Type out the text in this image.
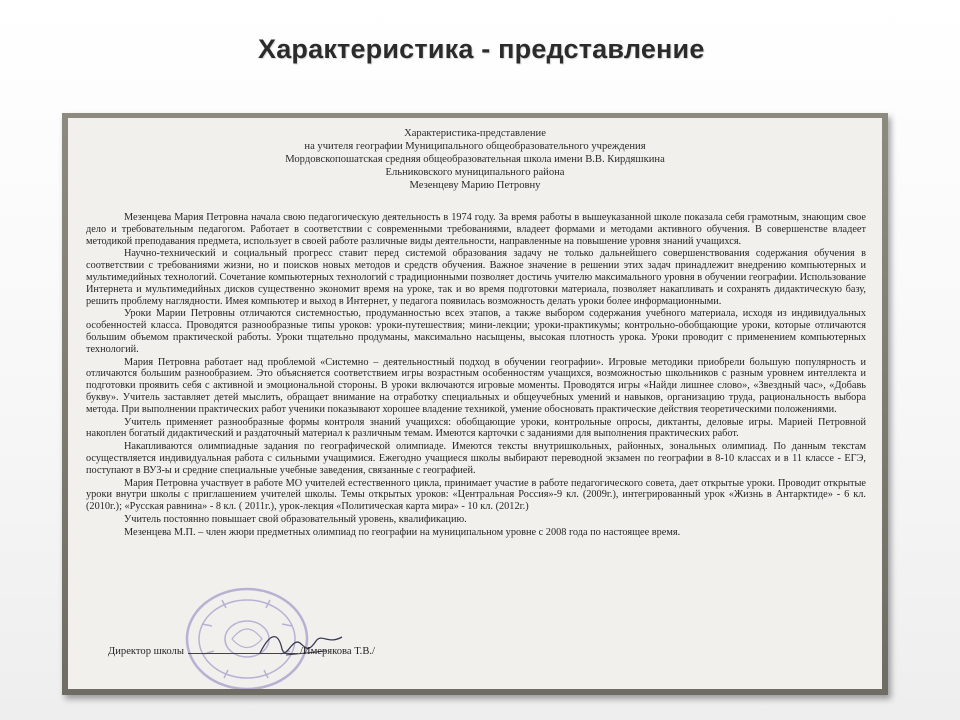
Характеристика - представление
Характеристика-представление
на учителя географии Муниципального общеобразовательного учреждения
Мордовскопошатская средняя общеобразовательная школа имени В.В. Кирдяшкина
Ельниковского муниципального района
Мезенцеву Марию Петровну

Мезенцева Мария Петровна начала свою педагогическую деятельность в 1974 году. За время работы в вышеуказанной школе показала себя грамотным, знающим свое дело и требовательным педагогом. Работает в соответствии с современными требованиями, владеет формами и методами активного обучения. В совершенстве владеет методикой преподавания предмета, использует в своей работе различные виды деятельности, направленные на повышение уровня знаний учащихся.

Научно-технический и социальный прогресс ставит перед системой образования задачу не только дальнейшего совершенствования содержания обучения в соответствии с требованиями жизни, но и поисков новых методов и средств обучения. Важное значение в решении этих задач принадлежит внедрению компьютерных и мультимедийных технологий. Сочетание компьютерных технологий с традиционными позволяет достичь учителю максимального уровня в обучении географии. Использование Интернета и мультимедийных дисков существенно экономит время на уроке, так и во время подготовки материала, позволяет накапливать и сохранять дидактическую базу, решить проблему наглядности. Имея компьютер и выход в Интернет, у педагога появилась возможность делать уроки более информационными.

Уроки Марии Петровны отличаются системностью, продуманностью всех этапов, а также выбором содержания учебного материала, исходя из индивидуальных особенностей класса. Проводятся разнообразные типы уроков: уроки-путешествия; мини-лекции; уроки-практикумы; контрольно-обобщающие уроки, которые отличаются большим объемом практической работы. Уроки тщательно продуманы, максимально насыщены, высокая плотность урока. Уроки проводит с применением компьютерных технологий.

Мария Петровна работает над проблемой «Системно – деятельностный подход в обучении географии». Игровые методики приобрели большую популярность и отличаются большим разнообразием. Это объясняется соответствием игры возрастным особенностям учащихся, возможностью школьников с разным уровнем интеллекта и подготовки проявить себя с активной и эмоциональной стороны. В уроки включаются игровые моменты. Проводятся игры «Найди лишнее слово», «Звездный час», «Добавь букву». Учитель заставляет детей мыслить, обращает внимание на отработку специальных и общеучебных умений и навыков, организацию труда, рациональность выбора метода. При выполнении практических работ ученики показывают хорошее владение техникой, умение обосновать практические действия теоретическими положениями.

Учитель применяет разнообразные формы контроля знаний учащихся: обобщающие уроки, контрольные опросы, диктанты, деловые игры. Марией Петровной накоплен богатый дидактический и раздаточный материал к различным темам. Имеются карточки с заданиями для выполнения практических работ.

Накапливаются олимпиадные задания по географической олимпиаде. Имеются тексты внутришкольных, районных, зональных олимпиад. По данным текстам осуществляется индивидуальная работа с сильными учащимися. Ежегодно учащиеся школы выбирают переводной экзамен по географии в 8-10 классах и в 11 классе - ЕГЭ, поступают в ВУЗ-ы и средние специальные учебные заведения, связанные с географией.

Мария Петровна участвует в работе МО учителей естественного цикла, принимает участие в работе педагогического совета, дает открытые уроки. Проводит открытые уроки внутри школы с приглашением учителей школы. Темы открытых уроков: «Центральная Россия»-9 кл. (2009г.), интегрированный урок «Жизнь в Антарктиде» - 6 кл. (2010г.); «Русская равнина» - 8 кл. ( 2011г.), урок-лекция «Политическая карта мира» - 10 кл. (2012г.)

Учитель постоянно повышает свой образовательный уровень, квалификацию.

Мезенцева М.П. – член жюри предметных олимпиад по географии на муниципальном уровне с 2008 года по настоящее время.

Директор школы	/Имерякова Т.В./
